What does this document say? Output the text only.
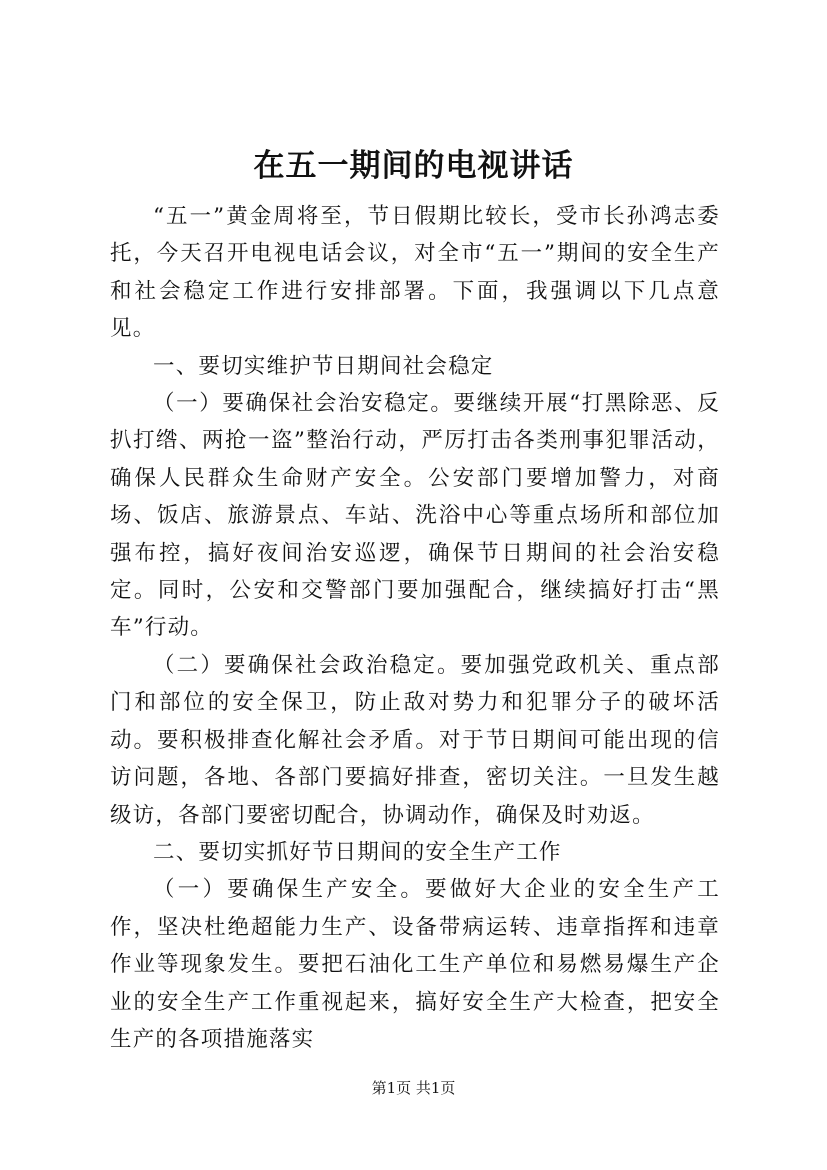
在五一期间的电视讲话

“五一”黄金周将至，节日假期比较长，受市长孙鸿志委托，今天召开电视电话会议，对全市“五一”期间的安全生产和社会稳定工作进行安排部署。下面，我强调以下几点意见。

一、要切实维护节日期间社会稳定

（一）要确保社会治安稳定。要继续开展“打黑除恶、反扒打绺、两抢一盗”整治行动，严厉打击各类刑事犯罪活动，确保人民群众生命财产安全。公安部门要增加警力，对商场、饭店、旅游景点、车站、洗浴中心等重点场所和部位加强布控，搞好夜间治安巡逻，确保节日期间的社会治安稳定。同时，公安和交警部门要加强配合，继续搞好打击“黑车”行动。

（二）要确保社会政治稳定。要加强党政机关、重点部门和部位的安全保卫，防止敌对势力和犯罪分子的破坏活动。要积极排查化解社会矛盾。对于节日期间可能出现的信访问题，各地、各部门要搞好排查，密切关注。一旦发生越级访，各部门要密切配合，协调动作，确保及时劝返。

二、要切实抓好节日期间的安全生产工作

（一）要确保生产安全。要做好大企业的安全生产工作，坚决杜绝超能力生产、设备带病运转、违章指挥和违章作业等现象发生。要把石油化工生产单位和易燃易爆生产企业的安全生产工作重视起来，搞好安全生产大检查，把安全生产的各项措施落实

第1页 共1页
